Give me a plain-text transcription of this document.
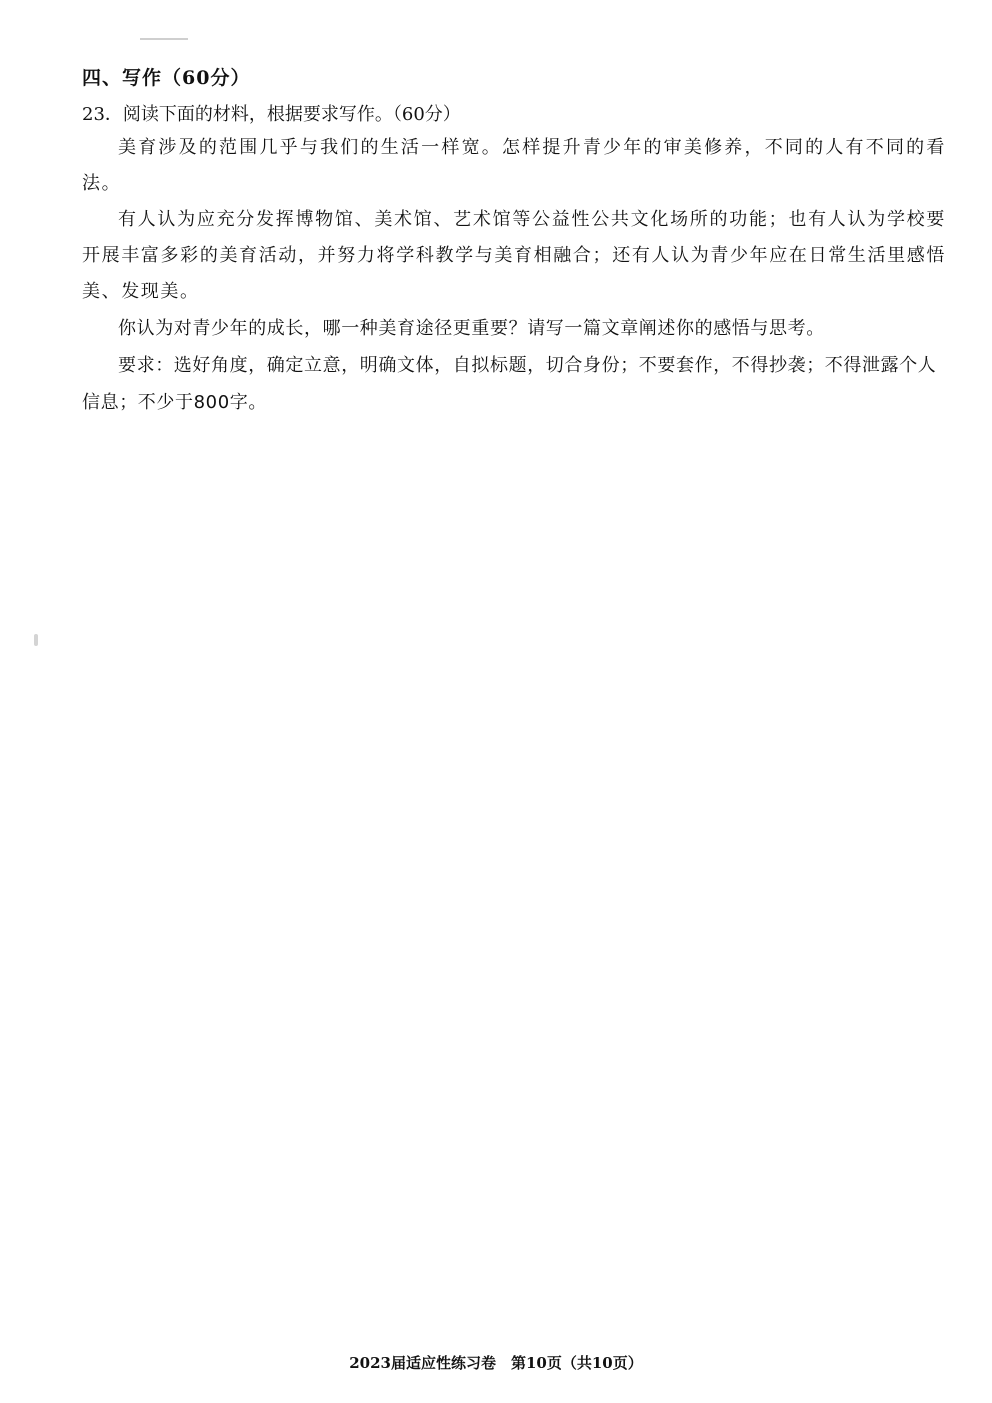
四、写作（60分）
23．阅读下面的材料，根据要求写作。（60分）

美育涉及的范围几乎与我们的生活一样宽。怎样提升青少年的审美修养，不同的人有不同的看法。

有人认为应充分发挥博物馆、美术馆、艺术馆等公益性公共文化场所的功能；也有人认为学校要开展丰富多彩的美育活动，并努力将学科教学与美育相融合；还有人认为青少年应在日常生活里感悟美、发现美。

你认为对青少年的成长，哪一种美育途径更重要？请写一篇文章阐述你的感悟与思考。

要求：选好角度，确定立意，明确文体，自拟标题，切合身份；不要套作，不得抄袭；不得泄露个人信息；不少于800字。

2023届适应性练习卷　第10页（共10页）
